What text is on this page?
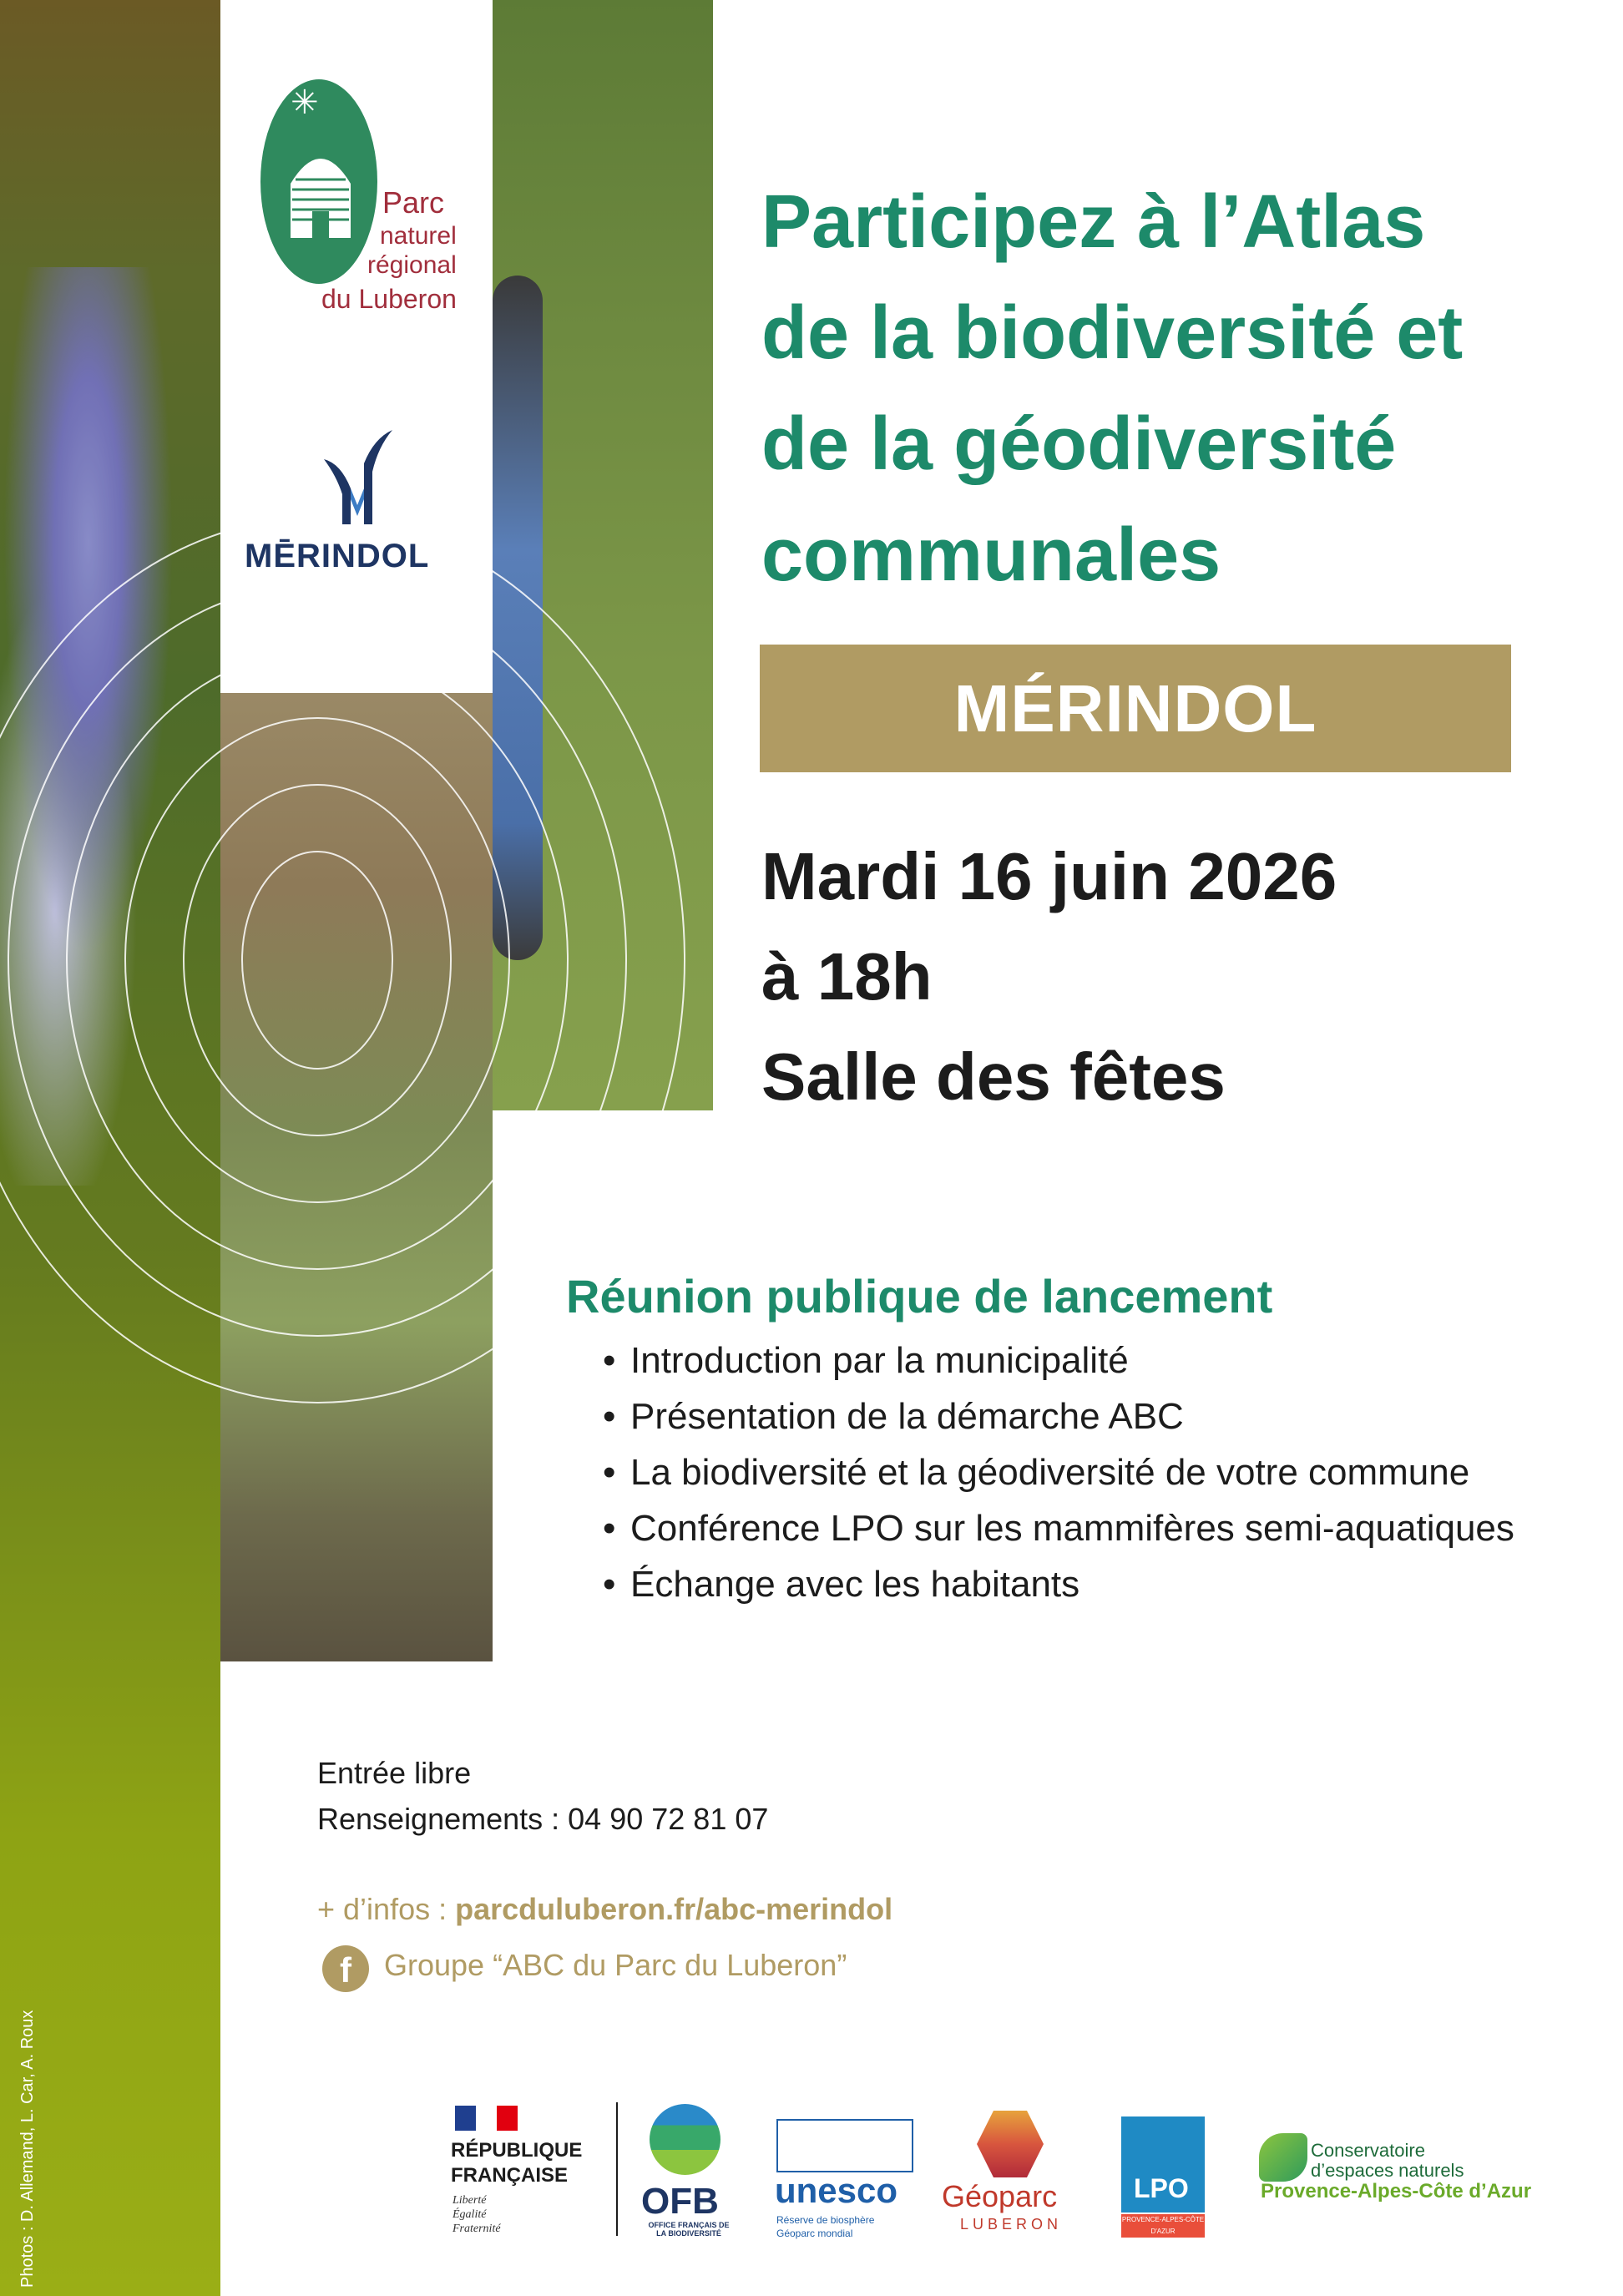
✳
Parc
naturel
régional
du Luberon
MĒRINDOL
Participez à l’Atlas
de la biodiversité et
de la géodiversité
communales
MÉRINDOL
Mardi 16 juin 2026
à 18h
Salle des fêtes
Réunion publique de lancement
• Introduction par la municipalité
• Présentation de la démarche ABC
• La biodiversité et la géodiversité de votre commune
• Conférence LPO sur les mammifères semi-aquatiques
• Échange avec les habitants
Entrée libre
Renseignements : 04 90 72 81 07
+ d’infos : parcduluberon.fr/abc-merindol
f	Groupe “ABC du Parc du Luberon”
Photos : D. Allemand, L. Car, A. Roux	RÉPUBLIQUE
FRANÇAISE
Liberté
Égalité
Fraternité
OFB
OFFICE FRANÇAIS DE LA BIODIVERSITÉ
unesco
Réserve de biosphère
Géoparc mondial
Géoparc
LUBERON
LPO
PROVENCE-ALPES-CÔTE D'AZUR
Conservatoire
d’espaces naturels
Provence-Alpes-Côte d’Azur
